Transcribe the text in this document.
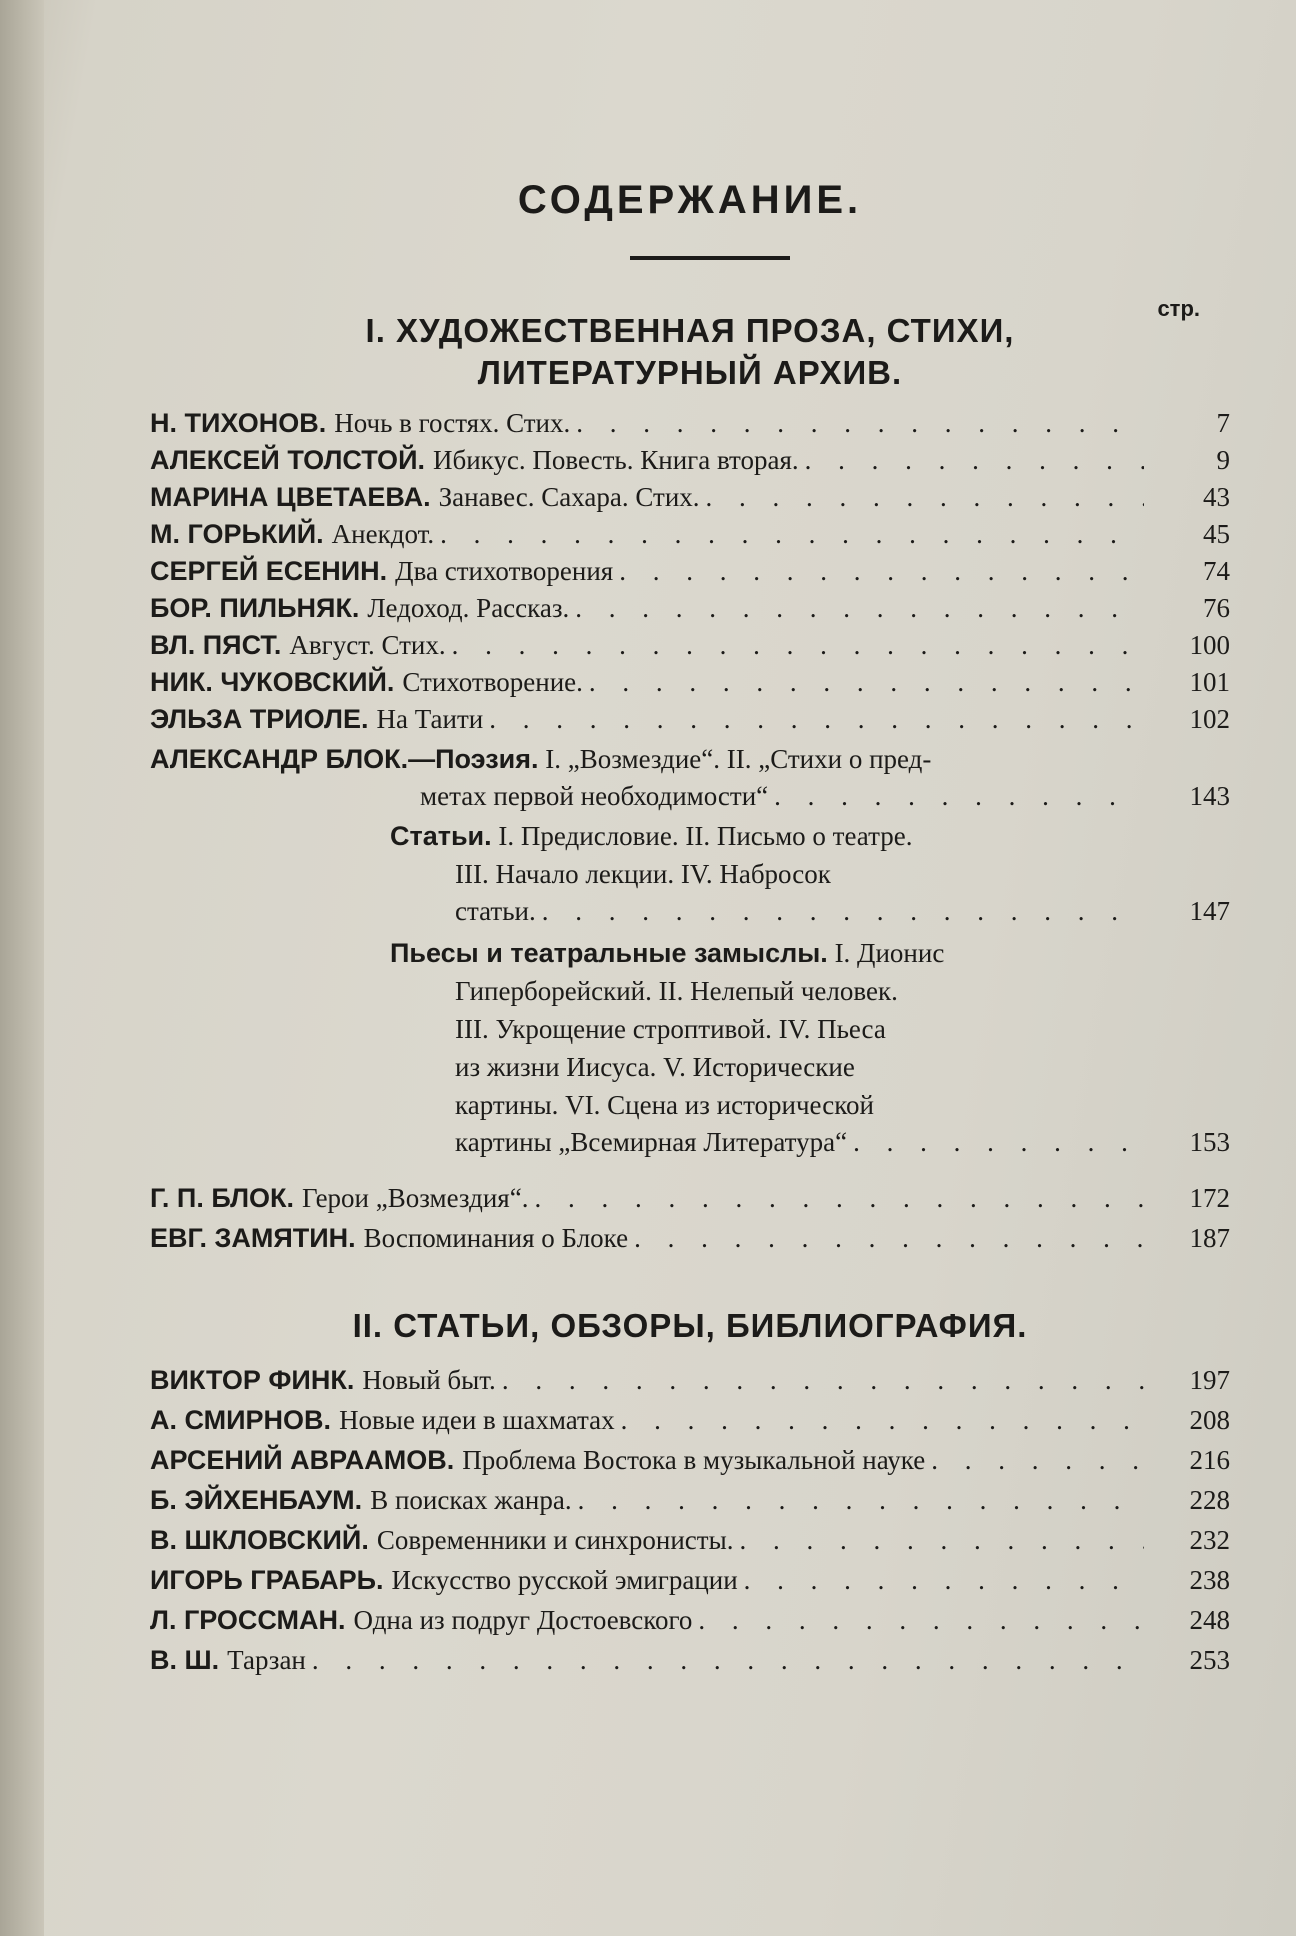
СОДЕРЖАНИЕ.
стр.
I. ХУДОЖЕСТВЕННАЯ ПРОЗА, СТИХИ,
ЛИТЕРАТУРНЫЙ АРХИВ.
Н. ТИХОНОВ. Ночь в гостях. Стих. . . .	7
АЛЕКСЕЙ ТОЛСТОЙ. Ибикус. Повесть. Книга вторая. . . .	9
МАРИНА ЦВЕТАЕВА. Занавес. Сахара. Стих. . . .	43
М. ГОРЬКИЙ. Анекдот. . . .	45
СЕРГЕЙ ЕСЕНИН. Два стихотворения . . .	74
БОР. ПИЛЬНЯК. Ледоход. Рассказ. . . .	76
ВЛ. ПЯСТ. Август. Стих. . . .	100
НИК. ЧУКОВСКИЙ. Стихотворение. . . .	101
ЭЛЬЗА ТРИОЛЕ. На Таити . . .	102
АЛЕКСАНДР БЛОК.—Поэзия. I. „Возмездие“. II. „Стихи о пред-
метах первой необходимости“ . . .	143
Статьи. I. Предисловие. II. Письмо о театре.
III. Начало лекции. IV. Набросок
статьи. . . .	147
Пьесы и театральные замыслы. I. Дионис
Гиперборейский. II. Нелепый человек.
III. Укрощение строптивой. IV. Пьеса
из жизни Иисуса. V. Исторические
картины. VI. Сцена из исторической
картины „Всемирная Литература“ . . .	153
Г. П. БЛОК. Герои „Возмездия“. . . .	172
ЕВГ. ЗАМЯТИН. Воспоминания о Блоке . . .	187
II. СТАТЬИ, ОБЗОРЫ, БИБЛИОГРАФИЯ.
ВИКТОР ФИНК. Новый быт. . . .	197
А. СМИРНОВ. Новые идеи в шахматах . . .	208
АРСЕНИЙ АВРААМОВ. Проблема Востока в музыкальной науке . . .	216
Б. ЭЙХЕНБАУМ. В поисках жанра. . . .	228
В. ШКЛОВСКИЙ. Современники и синхронисты. . . .	232
ИГОРЬ ГРАБАРЬ. Искусство русской эмиграции . . .	238
Л. ГРОССМАН. Одна из подруг Достоевского . . .	248
В. Ш. Тарзан . . .	253
